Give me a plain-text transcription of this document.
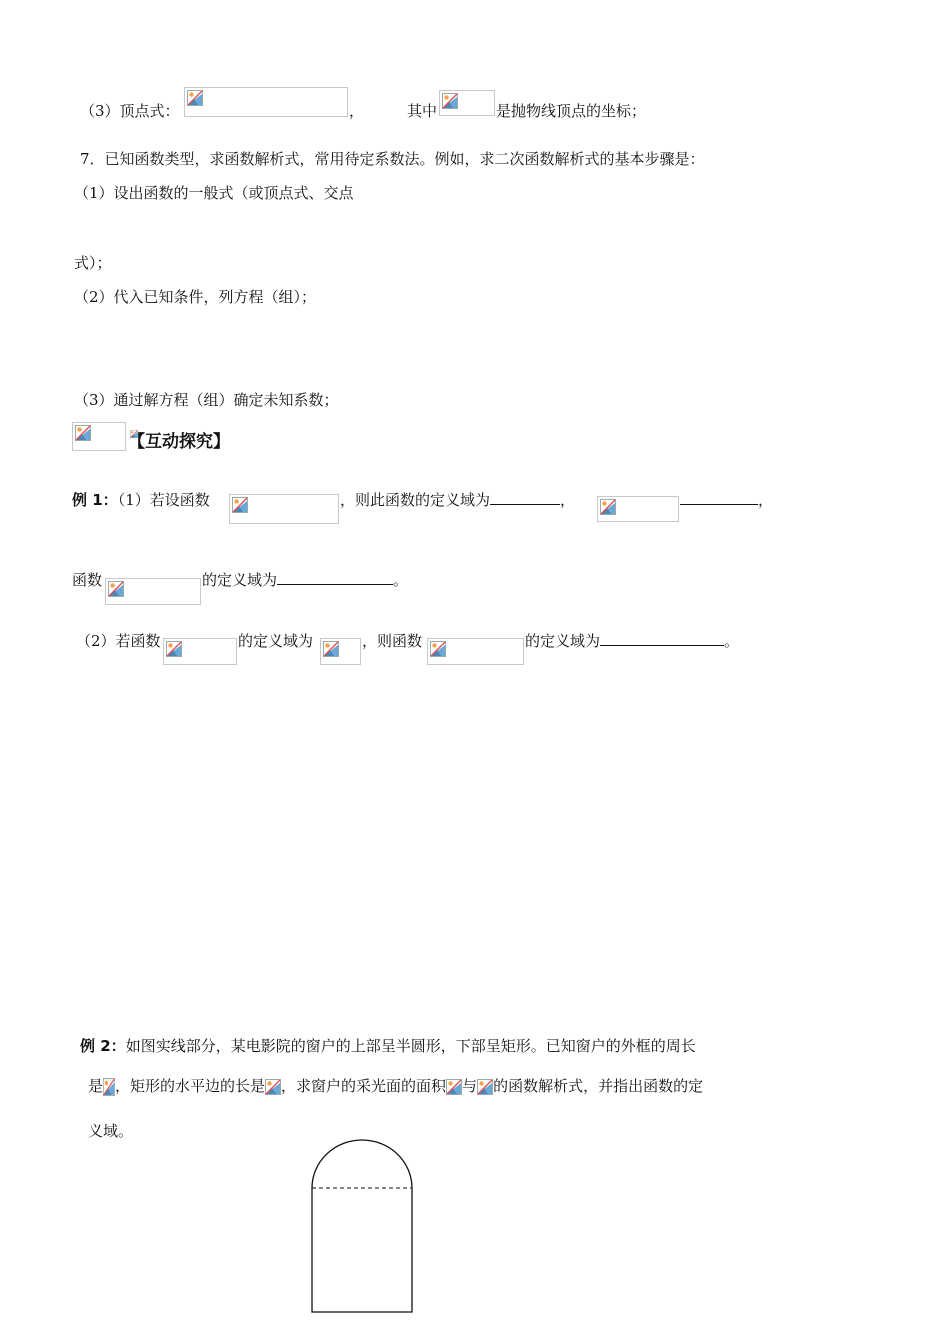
（3）顶点式：	，	其中	是抛物线顶点的坐标；
7．已知函数类型，求函数解析式，常用待定系数法。例如，求二次函数解析式的基本步骤是：
（1）设出函数的一般式（或顶点式、交点
式）；
（2）代入已知条件，列方程（组）；
（3）通过解方程（组）确定未知系数；
【互动探究】
例 1：（1）若设函数	，则此函数的定义域为	，	，
函数	的定义域为	。
（2）若函数	的定义域为	，则函数	的定义域为	。
例 2：如图实线部分，某电影院的窗户的上部呈半圆形，下部呈矩形。已知窗户的外框的周长
是 ，矩形的水平边的长是 ，求窗户的采光面的面积 与 的函数解析式，并指出函数的定
义域。
